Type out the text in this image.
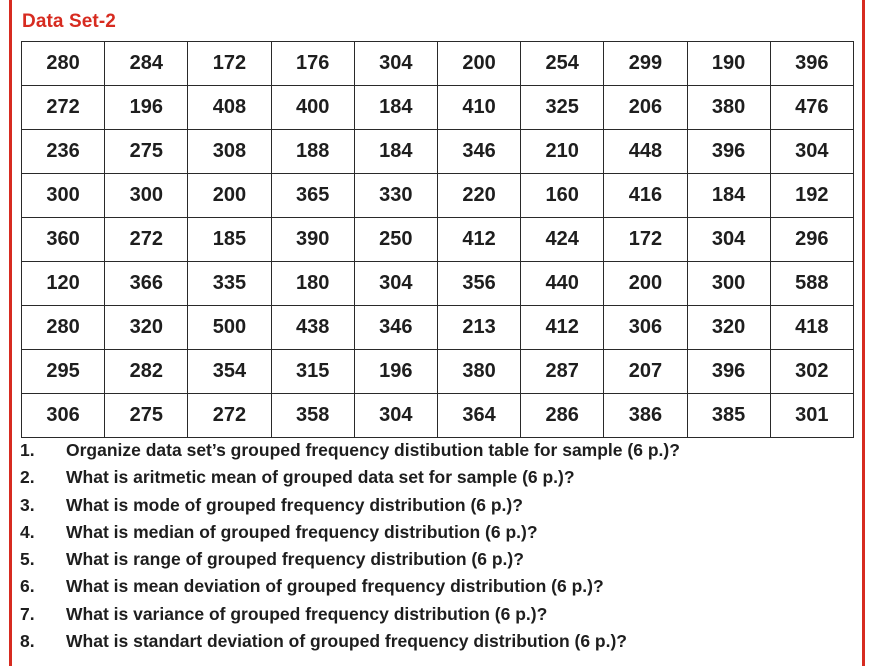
Data Set-2
280	284	172	176	304	200	254	299	190	396
272	196	408	400	184	410	325	206	380	476
236	275	308	188	184	346	210	448	396	304
300	300	200	365	330	220	160	416	184	192
360	272	185	390	250	412	424	172	304	296
120	366	335	180	304	356	440	200	300	588
280	320	500	438	346	213	412	306	320	418
295	282	354	315	196	380	287	207	396	302
306	275	272	358	304	364	286	386	385	301
1. Organize data set’s grouped frequency distibution table for sample (6 p.)?
2. What is aritmetic mean of grouped data set for sample (6 p.)?
3. What is mode of grouped frequency distribution (6 p.)?
4. What is median of grouped frequency distribution (6 p.)?
5. What is range of grouped frequency distribution (6 p.)?
6. What is mean deviation of grouped frequency distribution (6 p.)?
7. What is variance of grouped frequency distribution (6 p.)?
8. What is standart deviation of grouped frequency distribution (6 p.)?
